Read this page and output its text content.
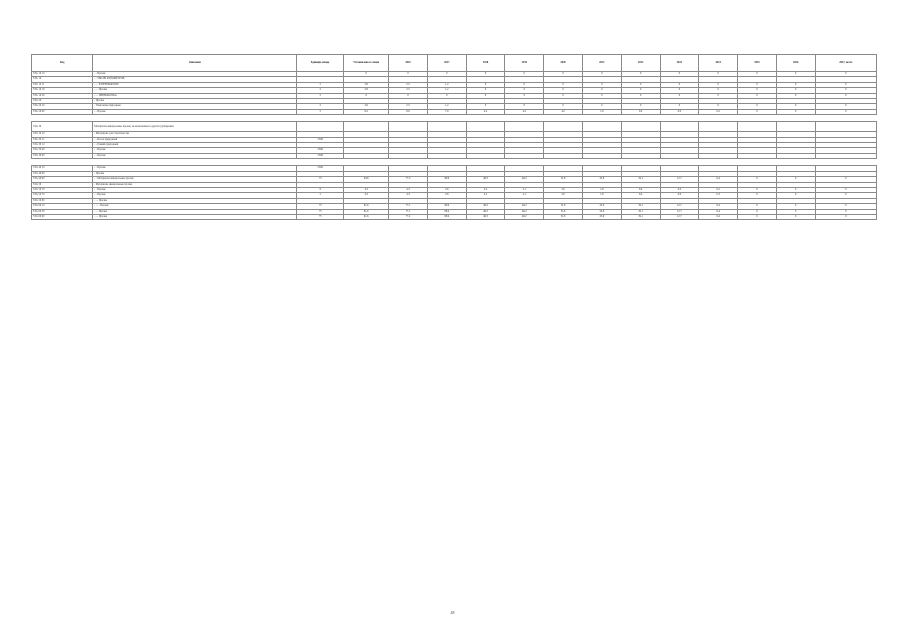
Код	Описание	Единица измер.	Установлено в сезоне	2016	2017	2018	2019	2020	2021	2022	2023	2024	2025	2026	2027, всего
STG 10 10	- - Прочие		0	0	0	0	0	0	0	0	0	0	0	0	0
STG 10	- - ТЫСЯЧ КУБОМЕТРОВ														
STG 10 11	- - - В ПЕРЕРАБОТКЕ	5	2.8	2.5	1.2	0	0	0	0	0	0	0	0	0	0
STG 10 19	- - - Прочие	5	2.8	2.5	1.2	0	0	0	0	0	0	0	0	0	0
STG 10 20	- - - ПЕРЕРАБОТКА	5	0	0	0	0	0	0	0	0	0	0	0	0	0
STG 20	- Прочие														
STG 20 10	- Глиноземы природные	5	2.6	2.5	1.2	0	0	0	0	0	0	0	0	0	0
STG 20 90	- - Прочие	5	6.2	6.0	7.0	4.2	4.2	4.2	1.8	0.4	0.0	0.2	0	0	0

STG 30	Материалы минеральные прочие, не включенные в другие группировки														
STG 30 10	- Материалы для строительства														
STG 30 11	- - Песок природный	USD													
STG 30 12	- - Гравий природный														
STG 30 40	- - Прочие	USD													
STG 30 90	- - Прочие	USD													

STG 40 10	- - Прочие	USD													
STG 40 00	- Прочие														
STG 40 90	- - Материалы минеральные прочие	75	64.6	77.3	80.9	46.3	46.2	51.8	25.9	19.1	12.7	6.4	0	0	0
STG 50	- Материалы минеральные прочие														
STG 50 70	- - Прочие	6	4.3	4.3	2.6	2.2	2.1	2.0	1.8	0.4	0.0	0.2	0	0	0
STG 50 79	- - Прочие	5	4.3	4.3	2.6	2.2	2.1	2.0	1.8	0.4	0.0	0.3	0	0	0
STG 50 80	- - - Прочие														
STG 60 10	- - - - Прочие	75	61.6	77.1	80.9	46.3	46.2	51.8	25.9	19.1	12.7	6.4	0	0	0
STG 60 30	- - - Прочие	75	61.6	77.1	80.9	46.3	46.2	51.8	25.9	19.1	12.7	6.4	0	0	0
STG 60 90	- - - Прочие	75	61.6	77.2	80.9	46.3	46.2	51.8	25.9	19.1	12.7	6.4	0	0	0
48
